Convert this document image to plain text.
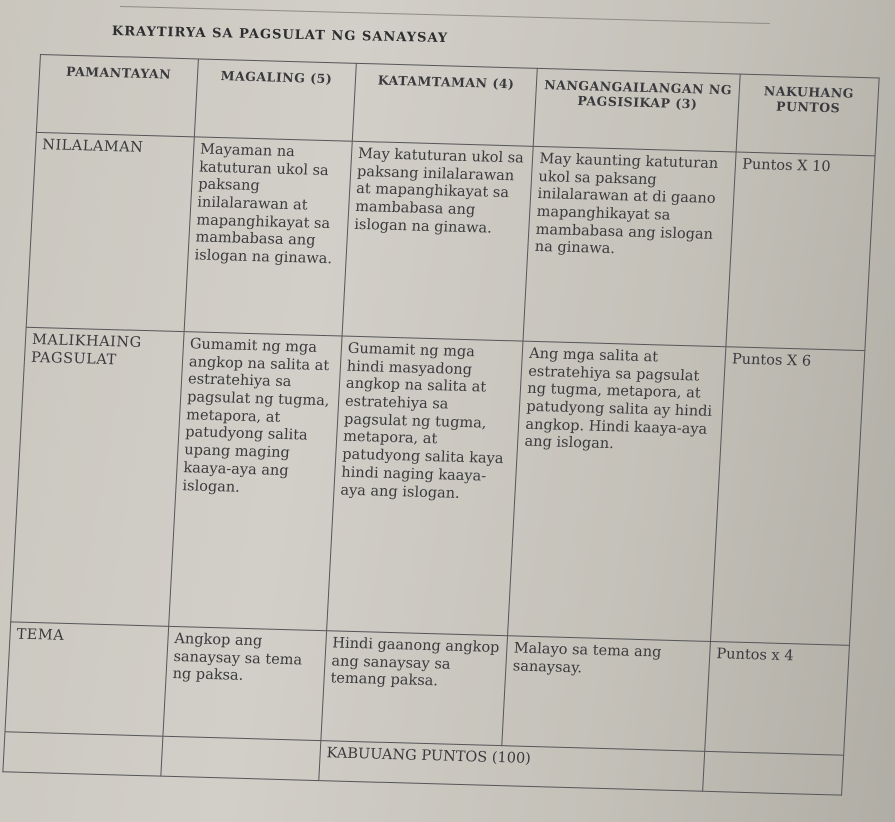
KRAYTIRYA SA PAGSULAT NG SANAYSAY
PAMANTAYAN	MAGALING (5)	KATAMTAMAN (4)	NANGANGAILANGAN NG PAGSISIKAP (3)	NAKUHANG PUNTOS
NILALAMAN	Mayaman na katuturan ukol sa paksang inilalarawan at mapanghikayat sa mambabasa ang islogan na ginawa.	May katuturan ukol sa paksang inilalarawan at mapanghikayat sa mambabasa ang islogan na ginawa.	May kaunting katuturan ukol sa paksang inilalarawan at di gaano mapanghikayat sa mambabasa ang islogan na ginawa.	Puntos X 10
MALIKHAING PAGSULAT	Gumamit ng mga angkop na salita at estratehiya sa pagsulat ng tugma, metapora, at patudyong salita upang maging kaaya-aya ang islogan.	Gumamit ng mga hindi masyadong angkop na salita at estratehiya sa pagsulat ng tugma, metapora, at patudyong salita kaya hindi naging kaaya-aya ang islogan.	Ang mga salita at estratehiya sa pagsulat ng tugma, metapora, at patudyong salita ay hindi angkop. Hindi kaaya-aya ang islogan.	Puntos X 6
TEMA	Angkop ang sanaysay sa tema ng paksa.	Hindi gaanong angkop ang sanaysay sa temang paksa.	Malayo sa tema ang sanaysay.	Puntos x 4
		KABUUANG PUNTOS (100)		
